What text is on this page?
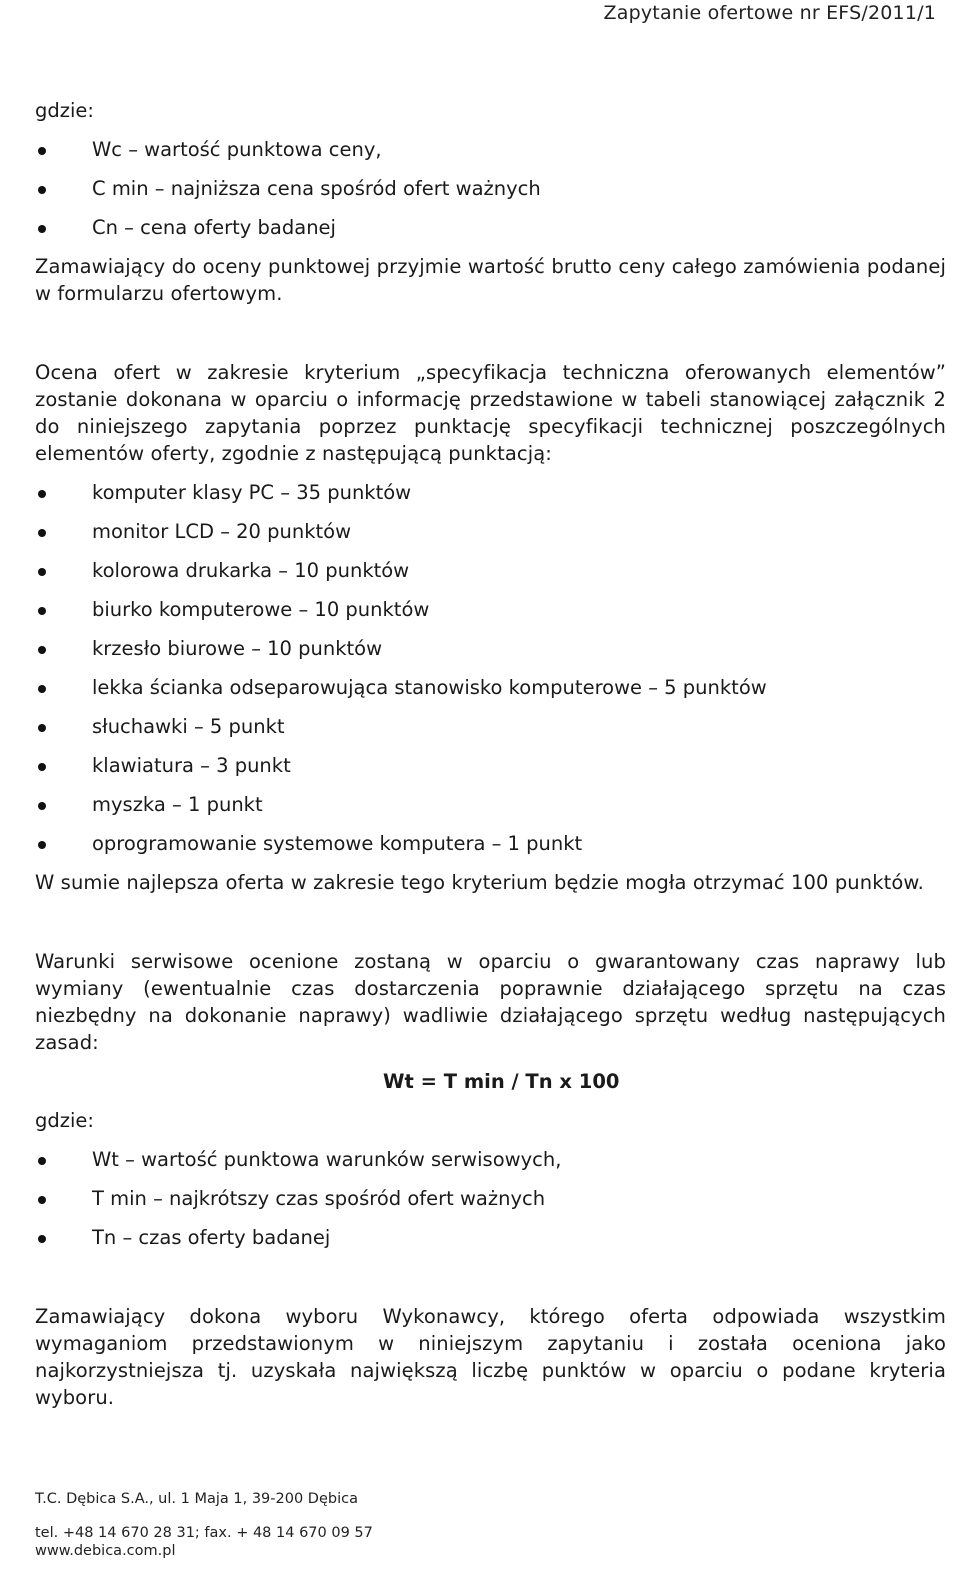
Zapytanie ofertowe nr EFS/2011/1

gdzie:

Wc – wartość punktowa ceny,
C min – najniższa cena spośród ofert ważnych
Cn – cena oferty badanej

Zamawiający do oceny punktowej przyjmie wartość brutto ceny całego zamówienia podanej w formularzu ofertowym.

Ocena ofert w zakresie kryterium „specyfikacja techniczna oferowanych elementów” zostanie dokonana w oparciu o informację przedstawione w tabeli stanowiącej załącznik 2 do niniejszego zapytania poprzez punktację specyfikacji technicznej poszczególnych elementów oferty, zgodnie z następującą punktacją:

komputer klasy PC – 35 punktów
monitor LCD – 20 punktów
kolorowa drukarka – 10 punktów
biurko komputerowe – 10 punktów
krzesło biurowe – 10 punktów
lekka ścianka odseparowująca stanowisko komputerowe – 5 punktów
słuchawki – 5 punkt
klawiatura – 3 punkt
myszka – 1 punkt
oprogramowanie systemowe komputera – 1 punkt

W sumie najlepsza oferta w zakresie tego kryterium będzie mogła otrzymać 100 punktów.

Warunki serwisowe ocenione zostaną w oparciu o gwarantowany czas naprawy lub wymiany (ewentualnie czas dostarczenia poprawnie działającego sprzętu na czas niezbędny na dokonanie naprawy) wadliwie działającego sprzętu według następujących zasad:

Wt = T min / Tn x 100

gdzie:

Wt – wartość punktowa warunków serwisowych,
T min – najkrótszy czas spośród ofert ważnych
Tn – czas oferty badanej

Zamawiający dokona wyboru Wykonawcy, którego oferta odpowiada wszystkim wymaganiom przedstawionym w niniejszym zapytaniu i została oceniona jako najkorzystniejsza tj. uzyskała największą liczbę punktów w oparciu o podane kryteria wyboru.

T.C. Dębica S.A., ul. 1 Maja 1, 39-200 Dębica
tel. +48 14 670 28 31; fax. + 48 14 670 09 57
www.debica.com.pl
